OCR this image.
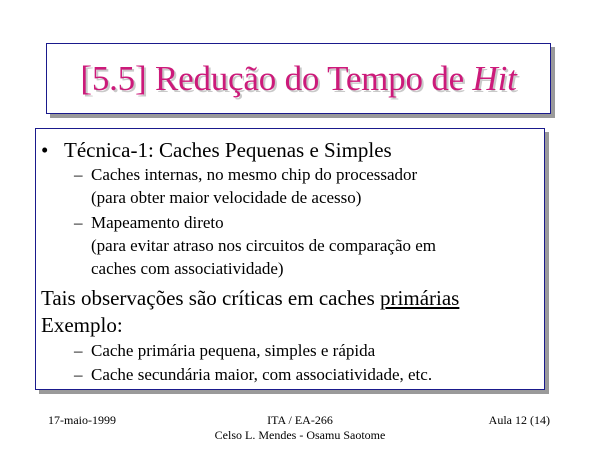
[5.5] Redução do Tempo de Hit
• Técnica-1: Caches Pequenas e Simples
– Caches internas, no mesmo chip do processador
(para obter maior velocidade de acesso)
– Mapeamento direto
(para evitar atraso nos circuitos de comparação em
caches com associatividade)
Tais observações são críticas em caches primárias
Exemplo:
– Cache primária pequena, simples e rápida
– Cache secundária maior, com associatividade, etc.
17-maio-1999	ITA / EA-266
Celso L. Mendes - Osamu Saotome
Aula 12 (14)
